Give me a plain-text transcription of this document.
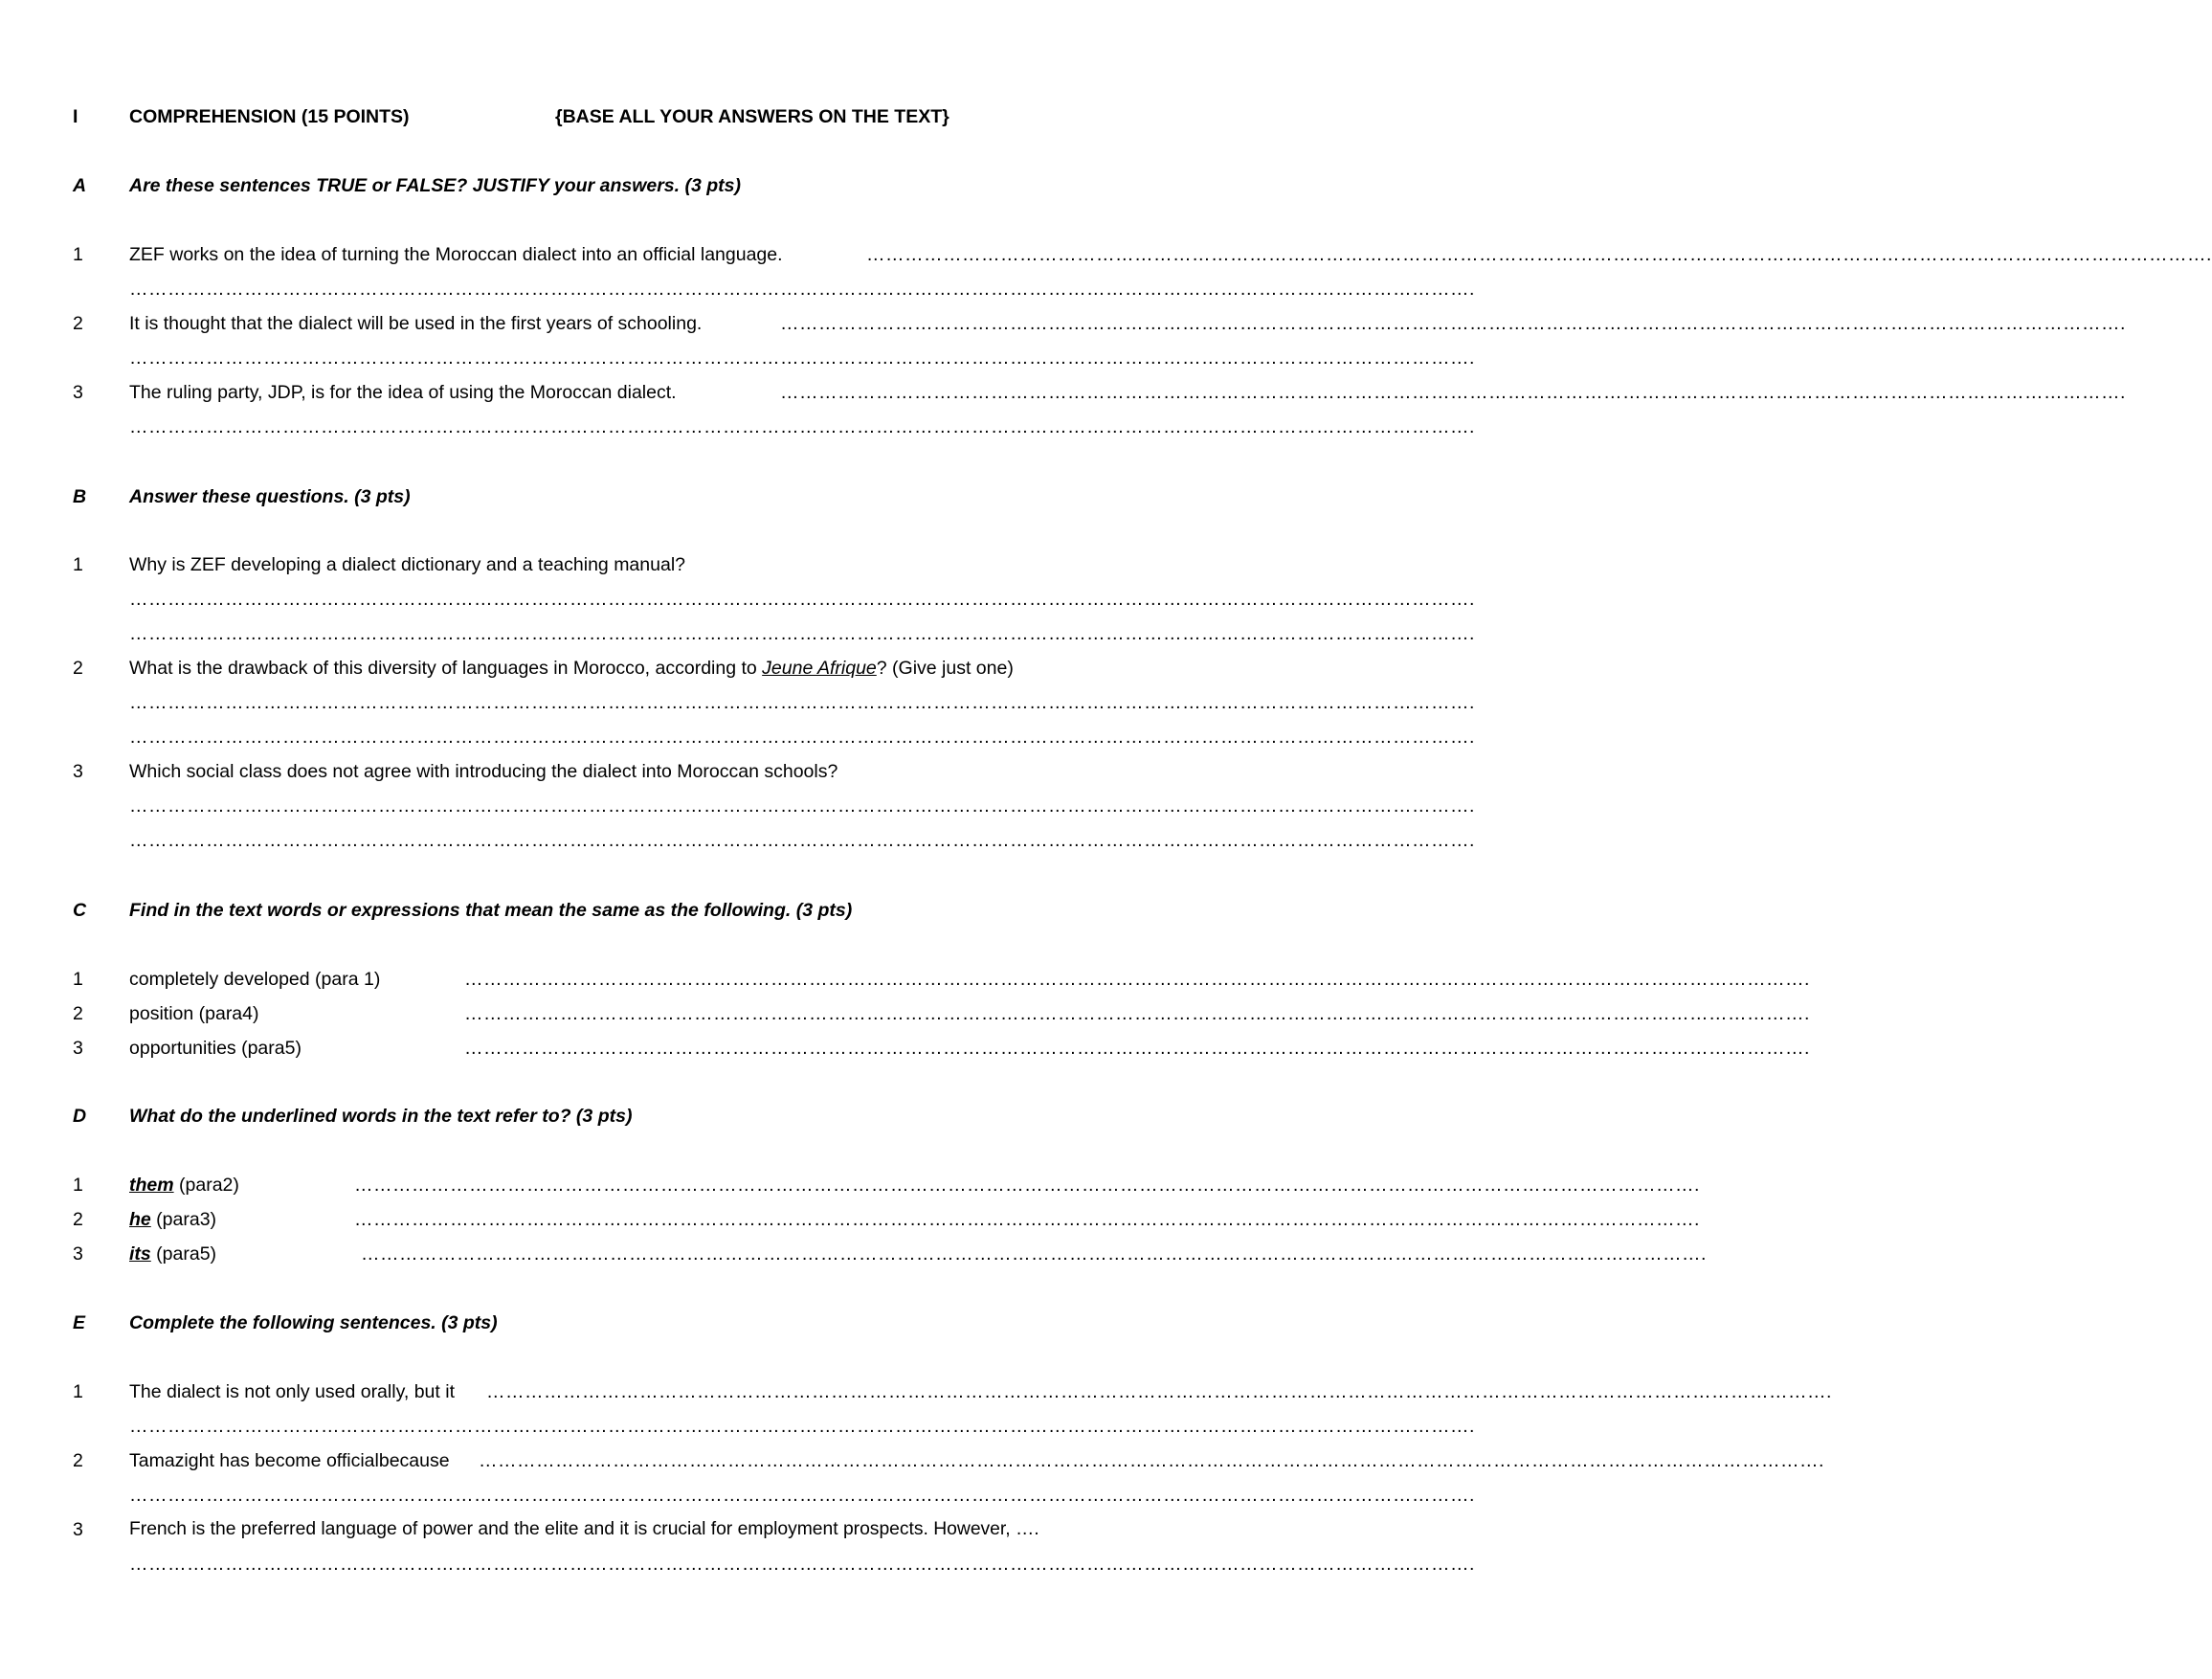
I	COMPREHENSION (15 POINTS)	{BASE ALL YOUR ANSWERS ON THE TEXT}
A Are these sentences TRUE or FALSE? JUSTIFY your answers. (3 pts)
1 ZEF works on the idea of turning the Moroccan dialect into an official language.	………………………………………………………………………………………………………………………………………………………………………………………….
………………………………………………………………………………………………………………………………………………………………………………………….
2 It is thought that the dialect will be used in the first years of schooling.	………………………………………………………………………………………………………………………………………………………………………………………….
………………………………………………………………………………………………………………………………………………………………………………………….
3 The ruling party, JDP, is for the idea of using the Moroccan dialect.	………………………………………………………………………………………………………………………………………………………………………………………….
………………………………………………………………………………………………………………………………………………………………………………………….
B Answer these questions. (3 pts)
1 Why is ZEF developing a dialect dictionary and a teaching manual?
………………………………………………………………………………………………………………………………………………………………………………………….
………………………………………………………………………………………………………………………………………………………………………………………….
2 What is the drawback of this diversity of languages in Morocco, according to Jeune Afrique? (Give just one)
………………………………………………………………………………………………………………………………………………………………………………………….
………………………………………………………………………………………………………………………………………………………………………………………….
3 Which social class does not agree with introducing the dialect into Moroccan schools?
………………………………………………………………………………………………………………………………………………………………………………………….
………………………………………………………………………………………………………………………………………………………………………………………….
C Find in the text words or expressions that mean the same as the following. (3 pts)
1 completely developed (para 1)	………………………………………………………………………………………………………………………………………………………………………………………….
2 position (para4)	………………………………………………………………………………………………………………………………………………………………………………………….
3 opportunities (para5)	………………………………………………………………………………………………………………………………………………………………………………………….
D What do the underlined words in the text refer to? (3 pts)
1 them (para2)	………………………………………………………………………………………………………………………………………………………………………………………….
2 he (para3)	………………………………………………………………………………………………………………………………………………………………………………………….
3 its (para5)	………………………………………………………………………………………………………………………………………………………………………………………….
E Complete the following sentences. (3 pts)
1 The dialect is not only used orally, but it ………………………………………………………………………………………………………………………………………………………………………………………….
………………………………………………………………………………………………………………………………………………………………………………………….
2 Tamazight has become officialbecause ………………………………………………………………………………………………………………………………………………………………………………………….
………………………………………………………………………………………………………………………………………………………………………………………….
3 French is the preferred language of power and the elite and it is crucial for employment prospects. However, ….
………………………………………………………………………………………………………………………………………………………………………………………….
